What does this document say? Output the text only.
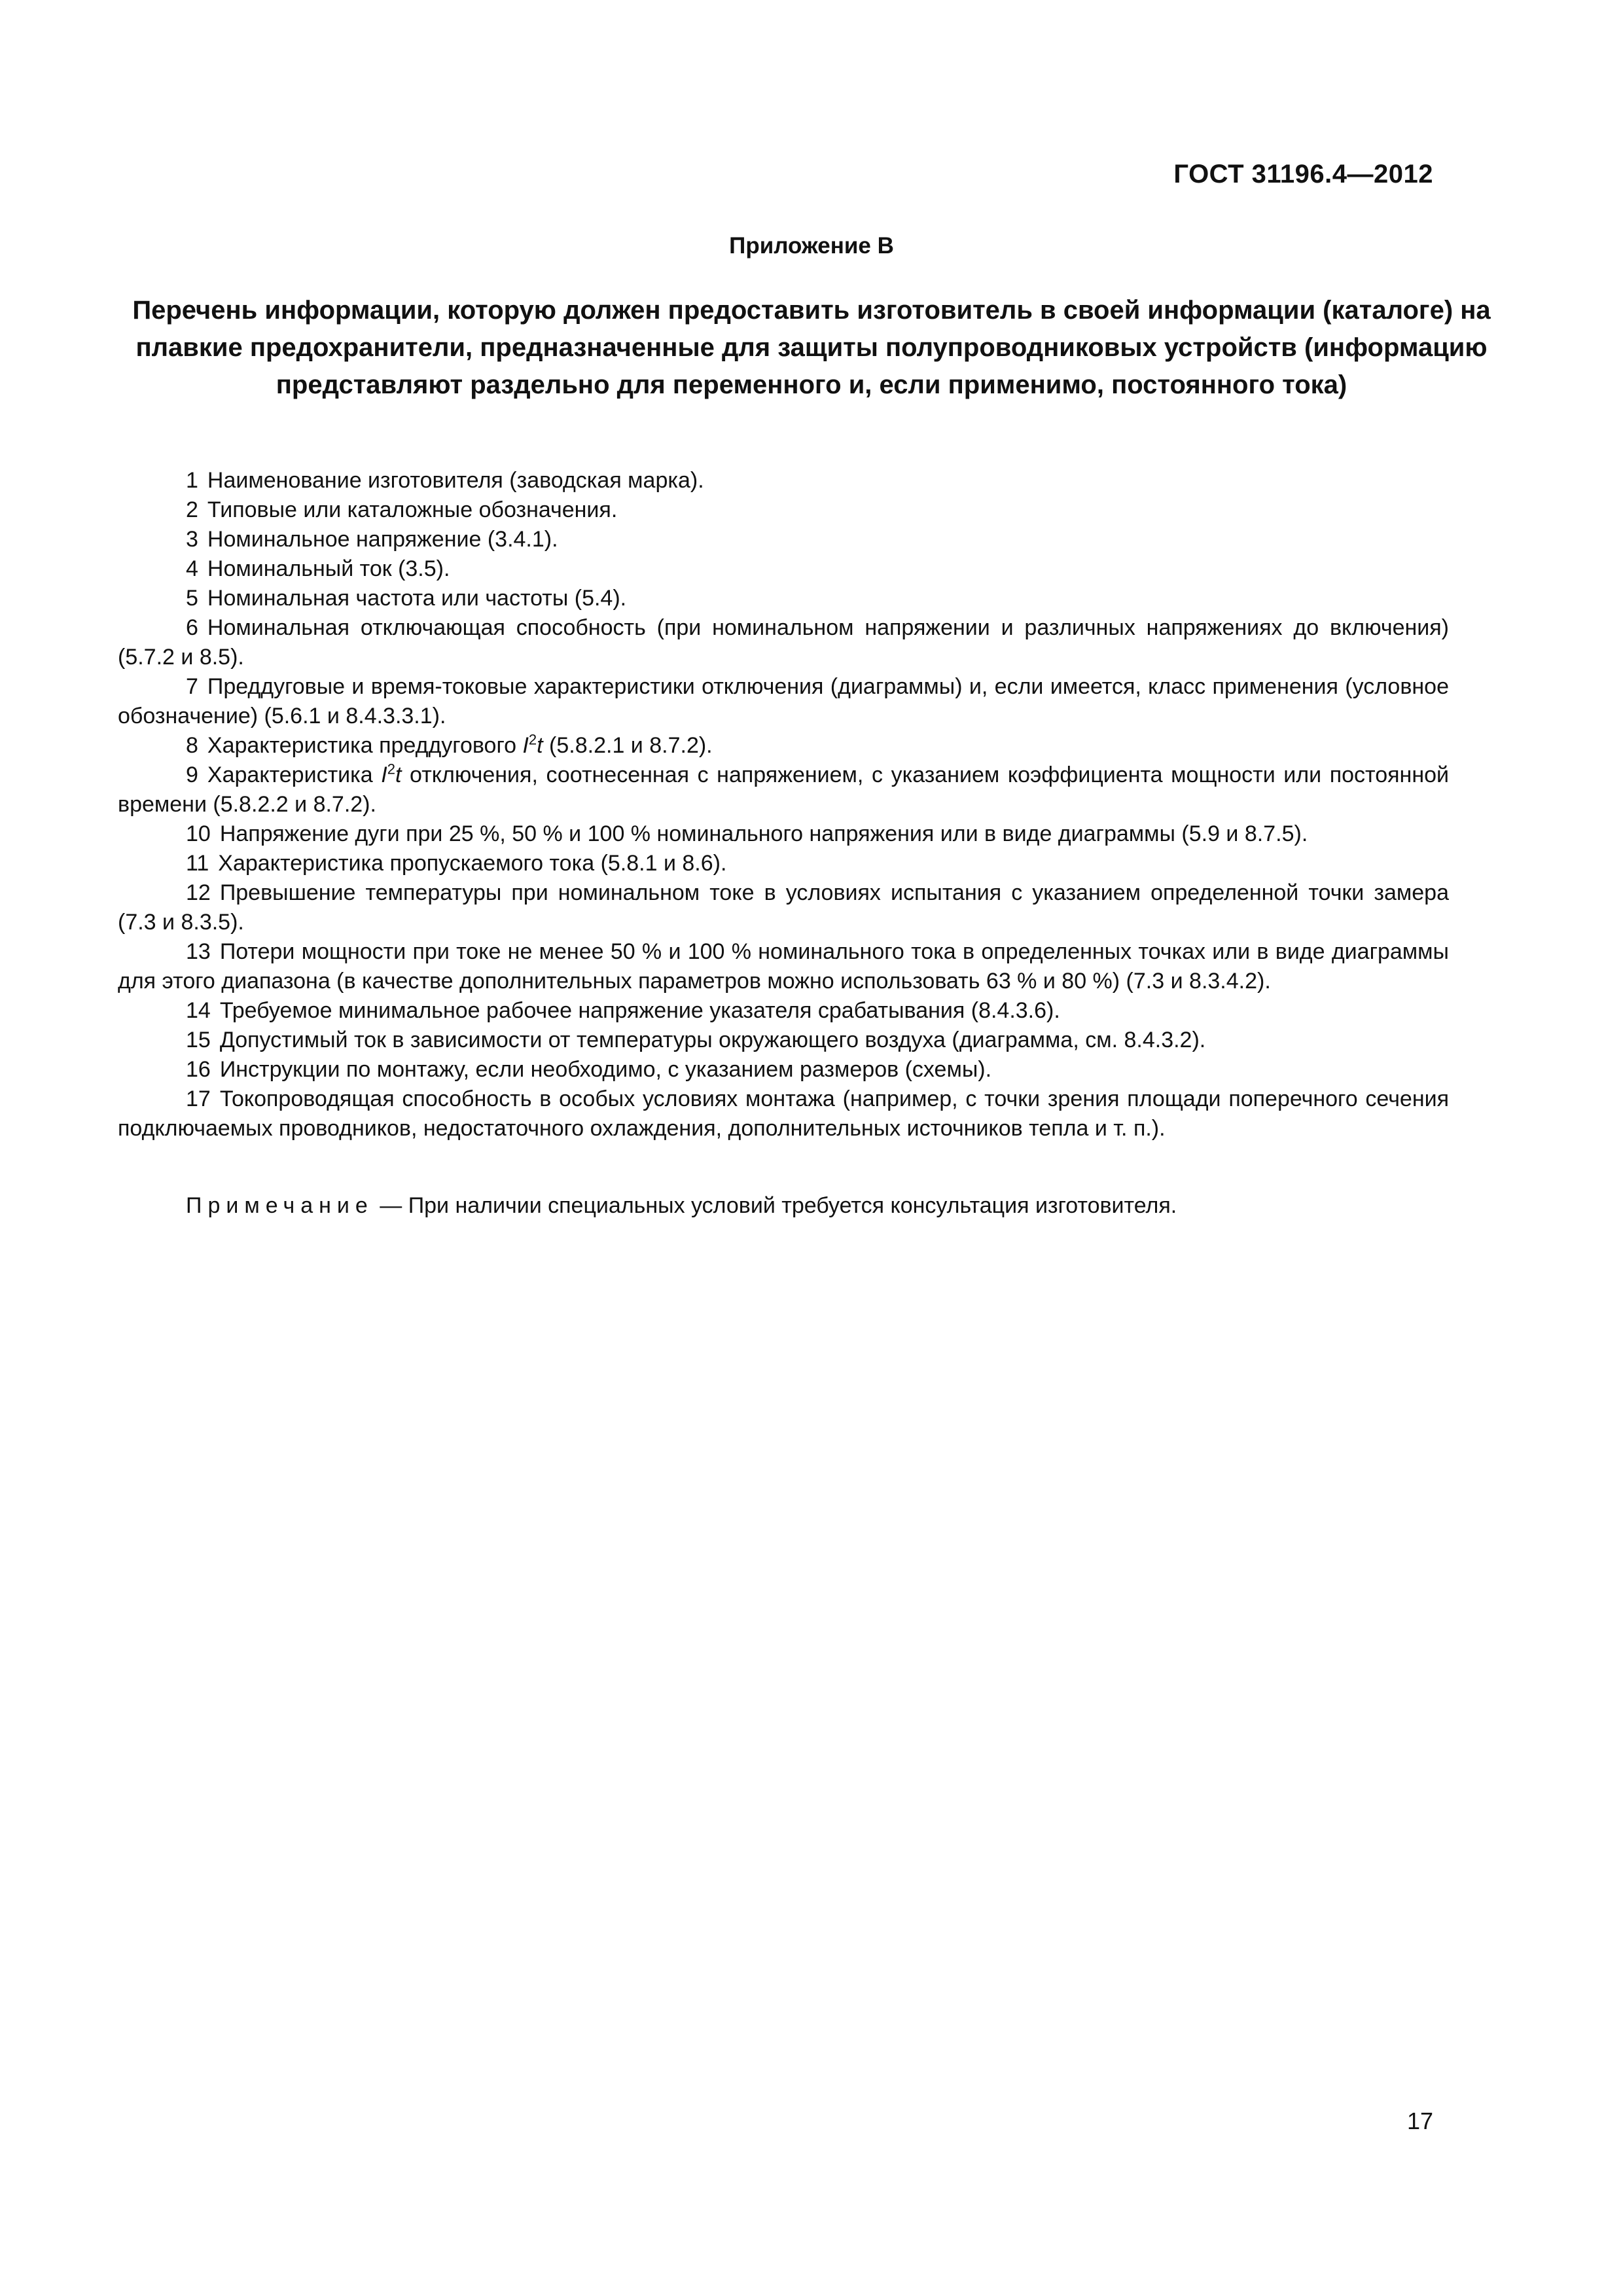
ГОСТ 31196.4—2012
Приложение В
Перечень информации, которую должен предоставить изготовитель в своей информации (каталоге) на плавкие предохранители, предназначенные для защиты полупроводниковых устройств (информацию представляют раздельно для переменного и, если применимо, постоянного тока)
1 Наименование изготовителя (заводская марка).
2 Типовые или каталожные обозначения.
3 Номинальное напряжение (3.4.1).
4 Номинальный ток (3.5).
5 Номинальная частота или частоты (5.4).
6 Номинальная отключающая способность (при номинальном напряжении и различных напряжениях до включения) (5.7.2 и 8.5).
7 Преддуговые и время-токовые характеристики отключения (диаграммы) и, если имеется, класс применения (условное обозначение) (5.6.1 и 8.4.3.3.1).
8 Характеристика преддугового $I^2t$ (5.8.2.1 и 8.7.2).
9 Характеристика $I^2t$ отключения, соотнесенная с напряжением, с указанием коэффициента мощности или постоянной времени (5.8.2.2 и 8.7.2).
10 Напряжение дуги при 25 %, 50 % и 100 % номинального напряжения или в виде диаграммы (5.9 и 8.7.5).
11 Характеристика пропускаемого тока (5.8.1 и 8.6).
12 Превышение температуры при номинальном токе в условиях испытания с указанием определенной точки замера (7.3 и 8.3.5).
13 Потери мощности при токе не менее 50 % и 100 % номинального тока в определенных точках или в виде диаграммы для этого диапазона (в качестве дополнительных параметров можно использовать 63 % и 80 %) (7.3 и 8.3.4.2).
14 Требуемое минимальное рабочее напряжение указателя срабатывания (8.4.3.6).
15 Допустимый ток в зависимости от температуры окружающего воздуха (диаграмма, см. 8.4.3.2).
16 Инструкции по монтажу, если необходимо, с указанием размеров (схемы).
17 Токопроводящая способность в особых условиях монтажа (например, с точки зрения площади поперечного сечения подключаемых проводников, недостаточного охлаждения, дополнительных источников тепла и т. п.).
Примечание — При наличии специальных условий требуется консультация изготовителя.
17
